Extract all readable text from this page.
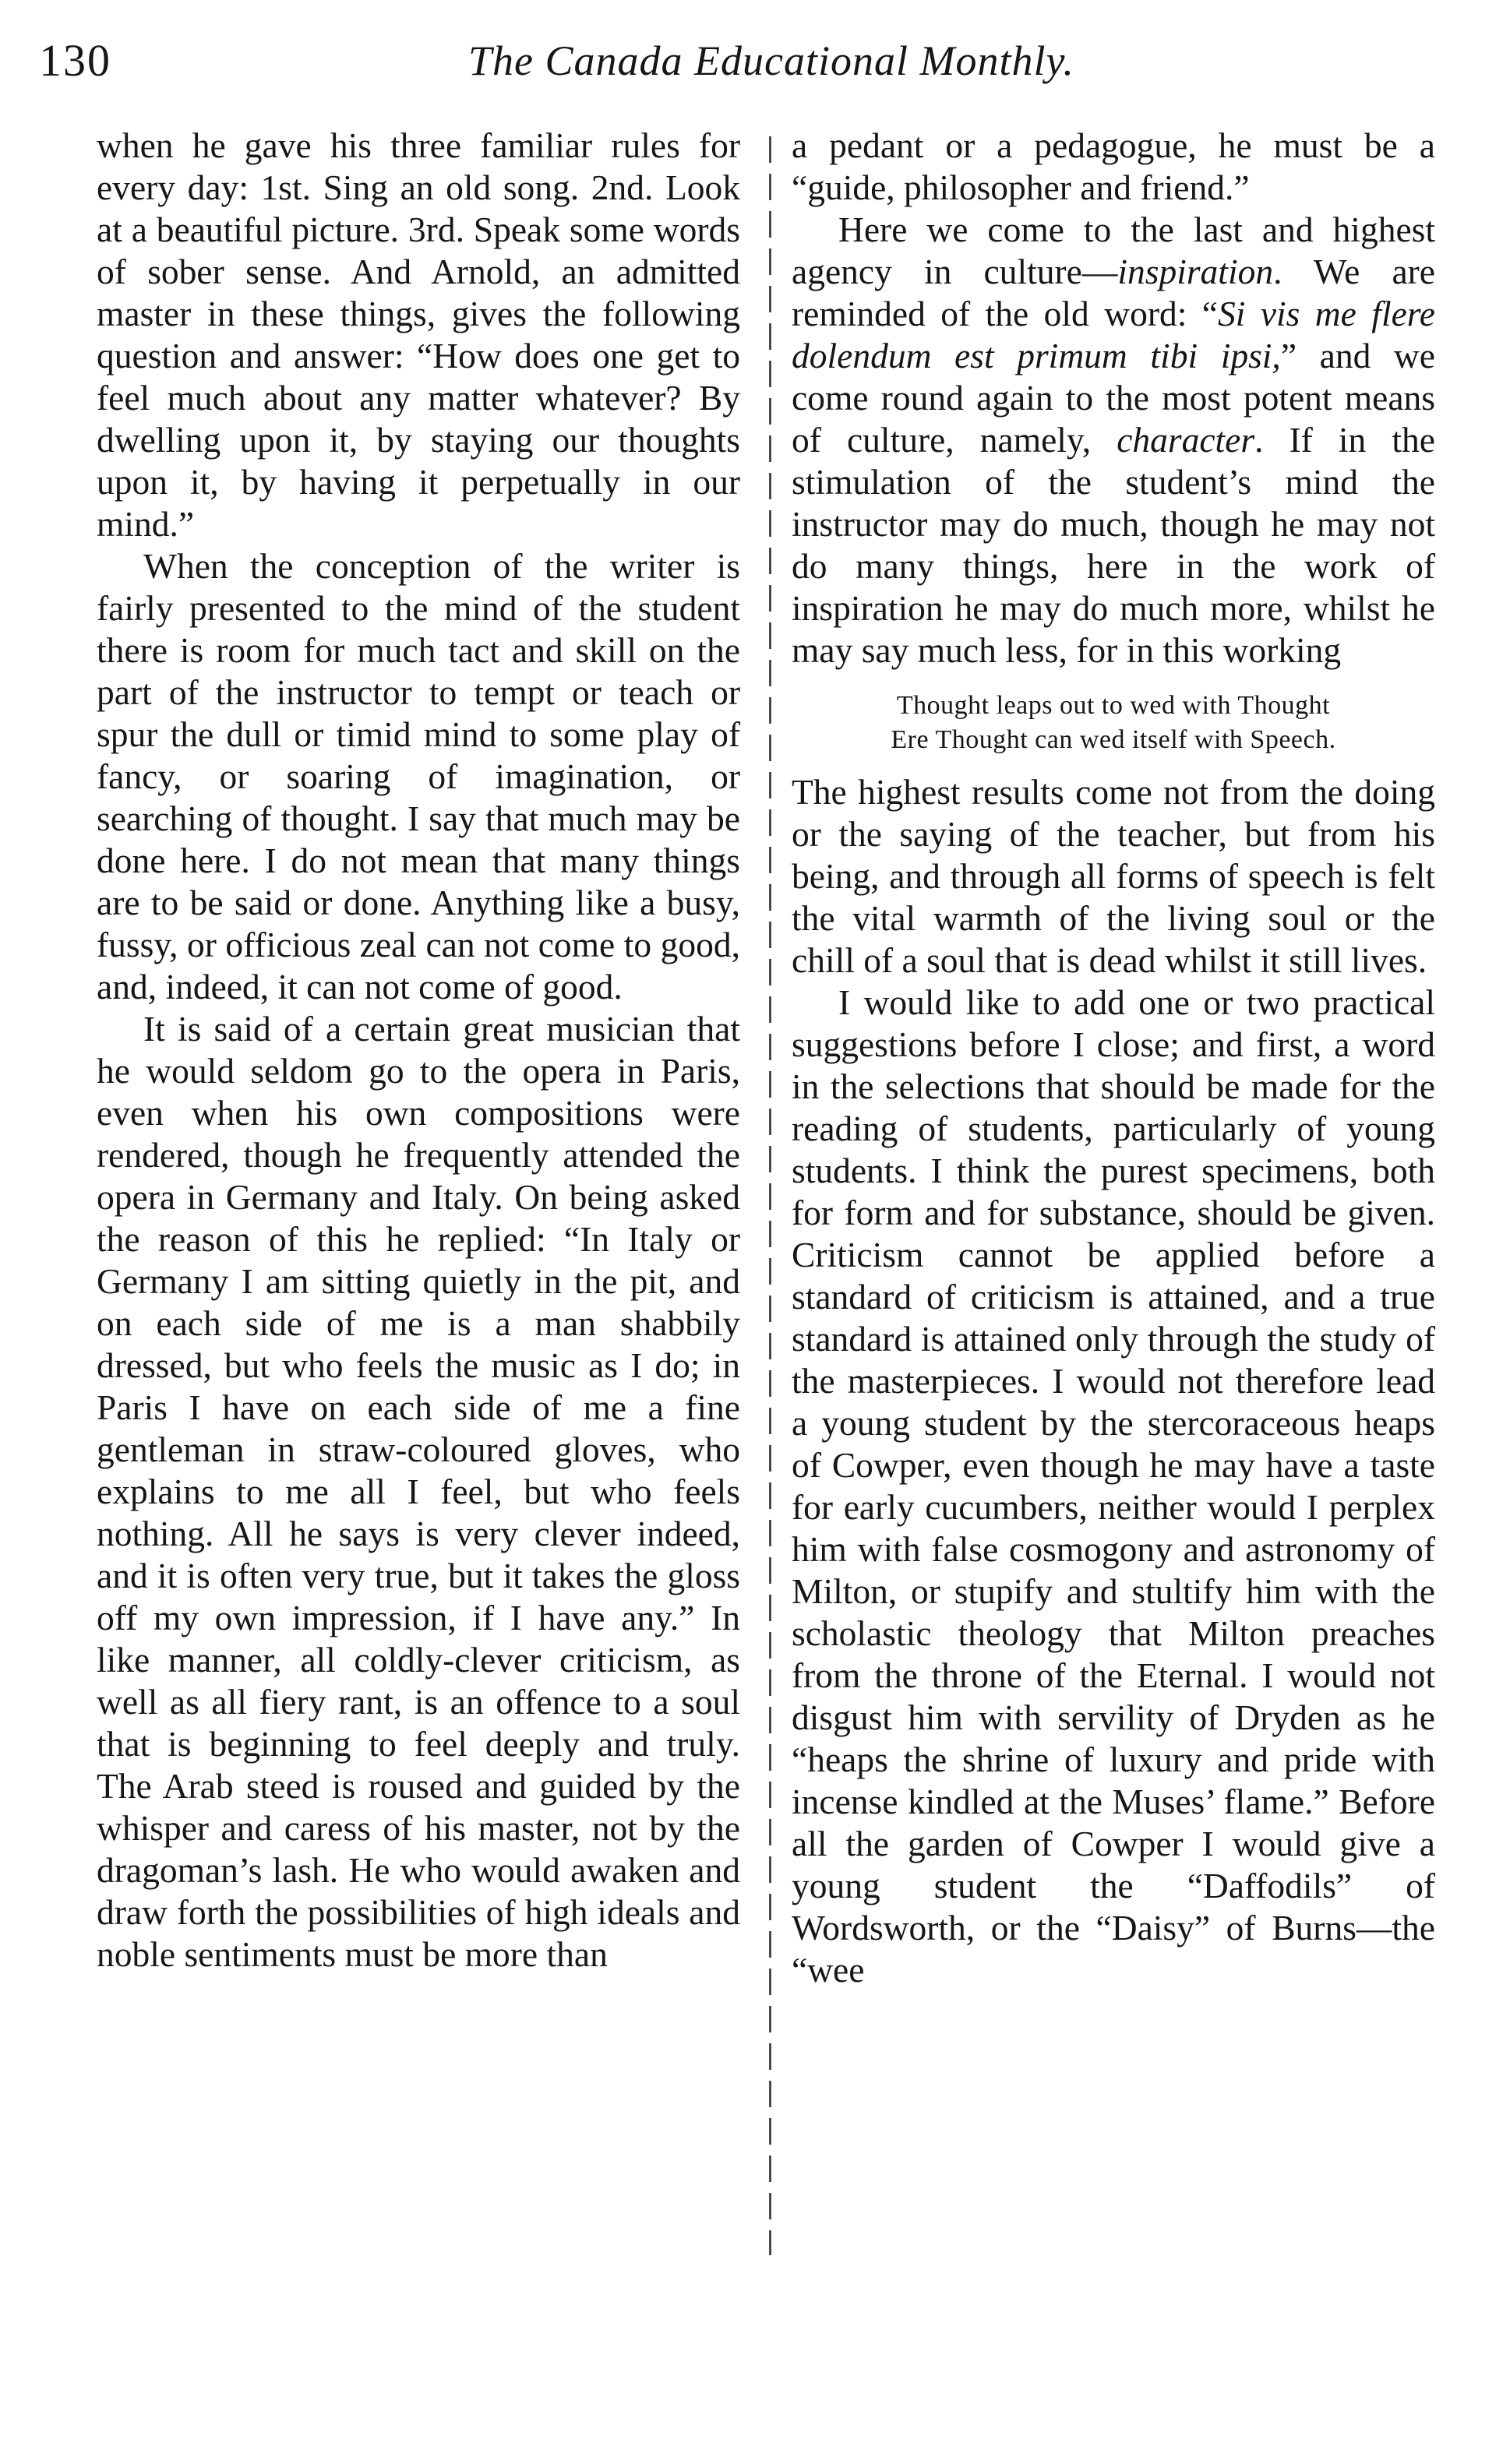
130	The Canada Educational Monthly.

when he gave his three familiar rules for every day: 1st. Sing an old song. 2nd. Look at a beautiful picture. 3rd. Speak some words of sober sense. And Arnold, an admitted master in these things, gives the following question and answer: “How does one get to feel much about any matter whatever? By dwelling upon it, by staying our thoughts upon it, by having it perpetually in our mind.”

When the conception of the writer is fairly presented to the mind of the student there is room for much tact and skill on the part of the instructor to tempt or teach or spur the dull or timid mind to some play of fancy, or soaring of imagination, or searching of thought. I say that much may be done here. I do not mean that many things are to be said or done. Anything like a busy, fussy, or officious zeal can not come to good, and, indeed, it can not come of good.

It is said of a certain great musician that he would seldom go to the opera in Paris, even when his own compositions were rendered, though he frequently attended the opera in Germany and Italy. On being asked the reason of this he replied: “In Italy or Germany I am sitting quietly in the pit, and on each side of me is a man shabbily dressed, but who feels the music as I do; in Paris I have on each side of me a fine gentleman in straw-coloured gloves, who explains to me all I feel, but who feels nothing. All he says is very clever indeed, and it is often very true, but it takes the gloss off my own impression, if I have any.” In like manner, all coldly-clever criticism, as well as all fiery rant, is an offence to a soul that is beginning to feel deeply and truly. The Arab steed is roused and guided by the whisper and caress of his master, not by the dragoman’s lash. He who would awaken and draw forth the possibilities of high ideals and noble sentiments must be more than

a pedant or a pedagogue, he must be a “guide, philosopher and friend.”

Here we come to the last and highest agency in culture—inspiration. We are reminded of the old word: “Si vis me flere dolendum est primum tibi ipsi,” and we come round again to the most potent means of culture, namely, character. If in the stimulation of the student’s mind the instructor may do much, though he may not do many things, here in the work of inspiration he may do much more, whilst he may say much less, for in this working

Thought leaps out to wed with Thought
Ere Thought can wed itself with Speech.

The highest results come not from the doing or the saying of the teacher, but from his being, and through all forms of speech is felt the vital warmth of the living soul or the chill of a soul that is dead whilst it still lives.

I would like to add one or two practical suggestions before I close; and first, a word in the selections that should be made for the reading of students, particularly of young students. I think the purest specimens, both for form and for substance, should be given. Criticism cannot be applied before a standard of criticism is attained, and a true standard is attained only through the study of the masterpieces. I would not therefore lead a young student by the stercoraceous heaps of Cowper, even though he may have a taste for early cucumbers, neither would I perplex him with false cosmogony and astronomy of Milton, or stupify and stultify him with the scholastic theology that Milton preaches from the throne of the Eternal. I would not disgust him with servility of Dryden as he “heaps the shrine of luxury and pride with incense kindled at the Muses’ flame.” Before all the garden of Cowper I would give a young student the “Daffodils” of Wordsworth, or the “Daisy” of Burns—the “wee
